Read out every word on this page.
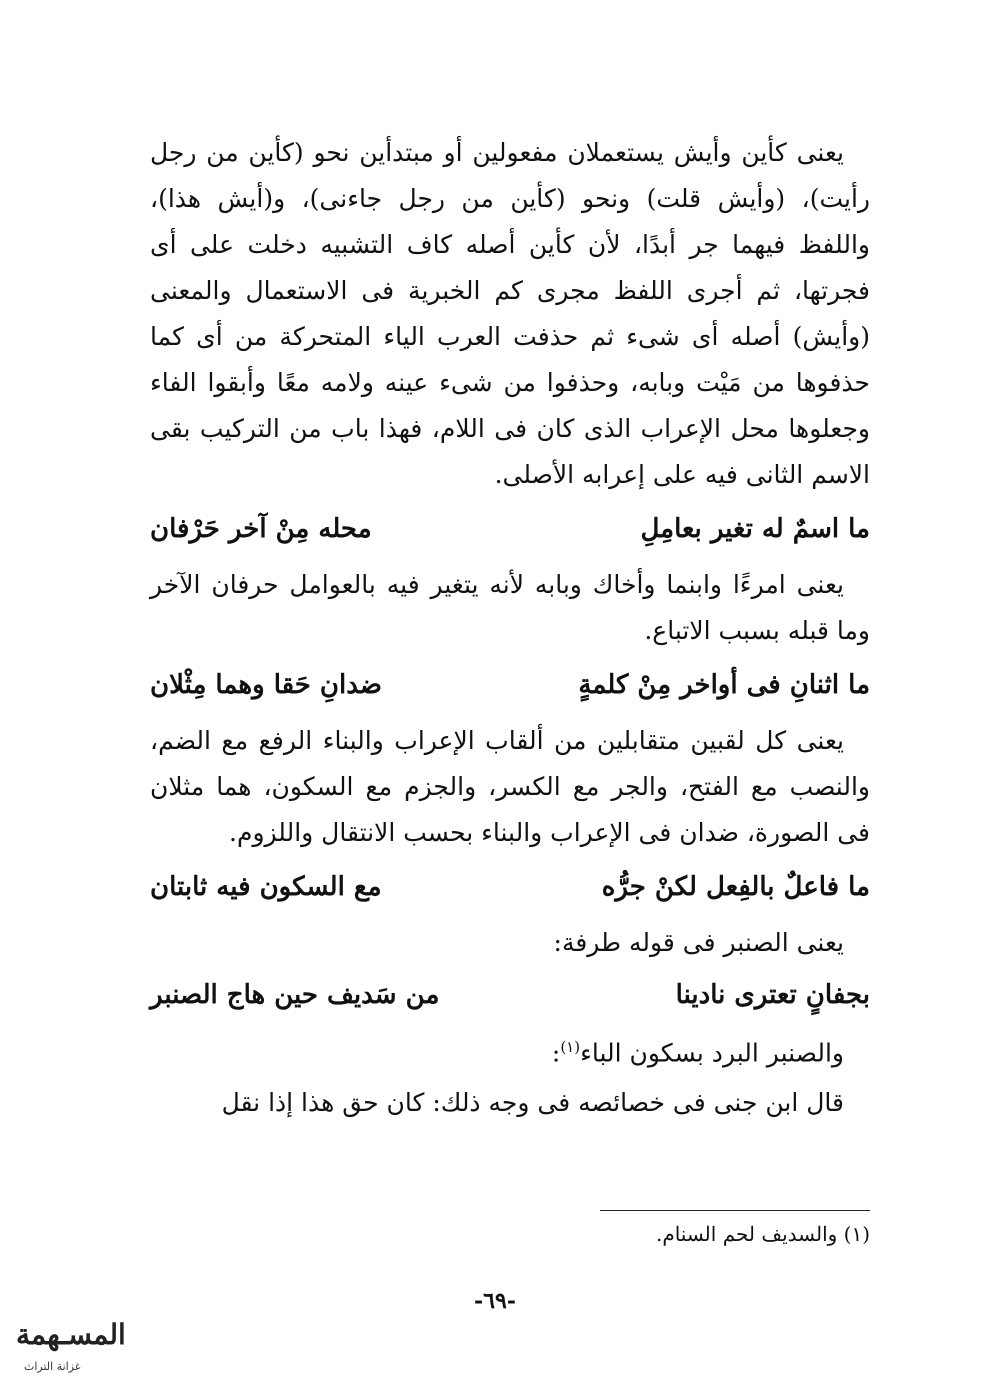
يعنى كأين وأيش يستعملان مفعولين أو مبتدأين نحو (كأين من رجل رأيت)، (وأيش قلت) ونحو (كأين من رجل جاءنى)، و(أيش هذا)، واللفظ فيهما جر أبدًا، لأن كأين أصله كاف التشبيه دخلت على أى فجرتها، ثم أجرى اللفظ مجرى كم الخبرية فى الاستعمال والمعنى (وأيش) أصله أى شىء ثم حذفت العرب الياء المتحركة من أى كما حذفوها من مَيْت وبابه، وحذفوا من شىء عينه ولامه معًا وأبقوا الفاء وجعلوها محل الإعراب الذى كان فى اللام، فهذا باب من التركيب بقى الاسم الثانى فيه على إعرابه الأصلى.

ما اسمٌ له تغير بعامِلِ
محله مِنْ آخر حَرْفان

يعنى امرءًا وابنما وأخاك وبابه لأنه يتغير فيه بالعوامل حرفان الآخر وما قبله بسبب الاتباع.

ما اثنانِ فى أواخر مِنْ كلمةٍ
ضدانِ حَقا وهما مِثْلان

يعنى كل لقبين متقابلين من ألقاب الإعراب والبناء الرفع مع الضم، والنصب مع الفتح، والجر مع الكسر، والجزم مع السكون، هما مثلان فى الصورة، ضدان فى الإعراب والبناء بحسب الانتقال واللزوم.

ما فاعلٌ بالفِعل لكنْ جرُّه
مع السكون فيه ثابتان

يعنى الصنبر فى قوله طرفة:

بجفانٍ تعترى نادينا
من سَديف حين هاج الصنبر

والصنبر البرد بسكون الباء$^{(١)}$:

قال ابن جنى فى خصائصه فى وجه ذلك: كان حق هذا إذا نقل

(١) والسديف لحم السنام.
-٦٩-
المسـهمة
غزانة التراث
